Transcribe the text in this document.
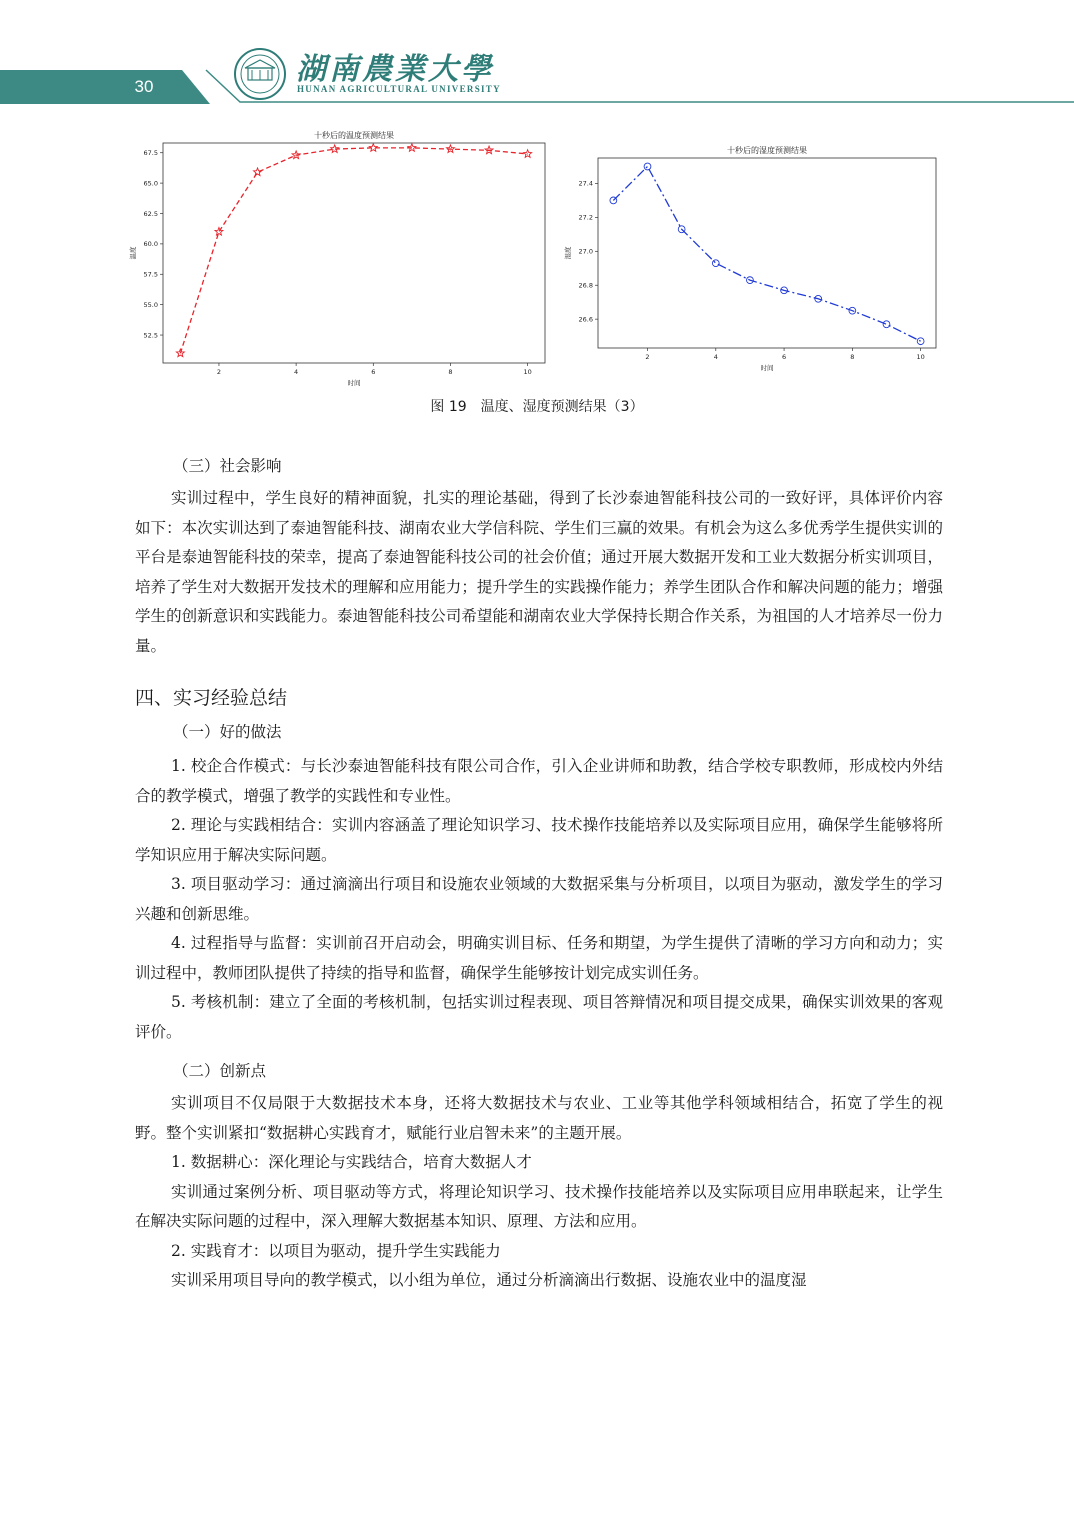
30	湖南農業大學
HUNAN AGRICULTURAL UNIVERSITY
十秒后的温度预测结果
2	4	6	8	10
52.5
55.0
57.5
60.0
62.5
65.0
67.5
时间
温度
十秒后的湿度预测结果
2	4	6	8	10
26.6
26.8
27.0
27.2
27.4
时间
湿度
图 19　温度、湿度预测结果（3）

（三）社会影响

实训过程中，学生良好的精神面貌，扎实的理论基础，得到了长沙泰迪智能科技公司的一致好评，具体评价内容如下：本次实训达到了泰迪智能科技、湖南农业大学信科院、学生们三赢的效果。有机会为这么多优秀学生提供实训的平台是泰迪智能科技的荣幸，提高了泰迪智能科技公司的社会价值；通过开展大数据开发和工业大数据分析实训项目，培养了学生对大数据开发技术的理解和应用能力；提升学生的实践操作能力；养学生团队合作和解决问题的能力；增强学生的创新意识和实践能力。泰迪智能科技公司希望能和湖南农业大学保持长期合作关系，为祖国的人才培养尽一份力量。

四、实习经验总结

（一）好的做法

1. 校企合作模式：与长沙泰迪智能科技有限公司合作，引入企业讲师和助教，结合学校专职教师，形成校内外结合的教学模式，增强了教学的实践性和专业性。

2. 理论与实践相结合：实训内容涵盖了理论知识学习、技术操作技能培养以及实际项目应用，确保学生能够将所学知识应用于解决实际问题。

3. 项目驱动学习：通过滴滴出行项目和设施农业领域的大数据采集与分析项目，以项目为驱动，激发学生的学习兴趣和创新思维。

4. 过程指导与监督：实训前召开启动会，明确实训目标、任务和期望，为学生提供了清晰的学习方向和动力；实训过程中，教师团队提供了持续的指导和监督，确保学生能够按计划完成实训任务。

5. 考核机制：建立了全面的考核机制，包括实训过程表现、项目答辩情况和项目提交成果，确保实训效果的客观评价。

（二）创新点

实训项目不仅局限于大数据技术本身，还将大数据技术与农业、工业等其他学科领域相结合，拓宽了学生的视野。整个实训紧扣“数据耕心实践育才，赋能行业启智未来”的主题开展。

1. 数据耕心：深化理论与实践结合，培育大数据人才

实训通过案例分析、项目驱动等方式，将理论知识学习、技术操作技能培养以及实际项目应用串联起来，让学生在解决实际问题的过程中，深入理解大数据基本知识、原理、方法和应用。

2. 实践育才：以项目为驱动，提升学生实践能力

实训采用项目导向的教学模式，以小组为单位，通过分析滴滴出行数据、设施农业中的温度湿
